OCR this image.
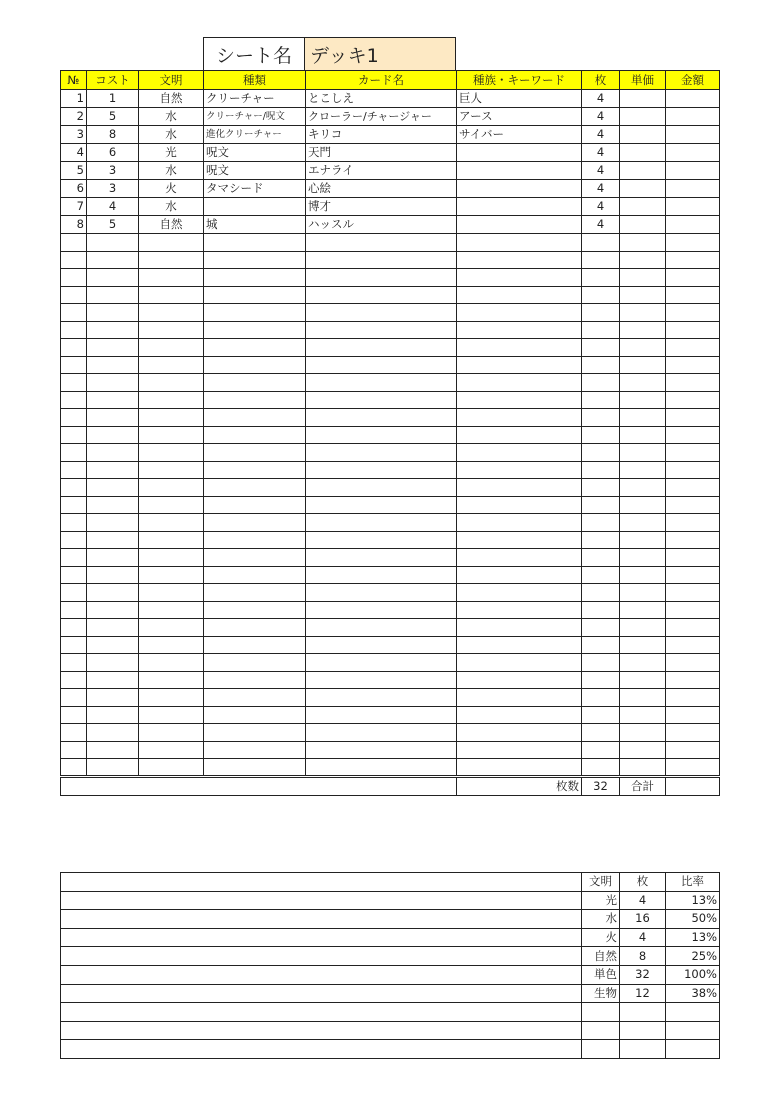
シート名 デッキ1
№	コスト	文明	種類	カード名	種族・キーワード	枚	単価	金額
1	1	自然	クリーチャー	とこしえ	巨人	4		
2	5	水	クリーチャー/呪文	クローラー/チャージャー	アース	4		
3	8	水	進化クリーチャー	キリコ	サイバー	4		
4	6	光	呪文	天門		4		
5	3	水	呪文	エナライ		4		
6	3	火	タマシード	心絵		4		
7	4	水		博才		4		
8	5	自然	城	ハッスル		4		

					枚数	32	合計	
	文明	枚	比率
	光	4	13%
	水	16	50%
	火	4	13%
	自然	8	25%
	単色	32	100%
	生物	12	38%
